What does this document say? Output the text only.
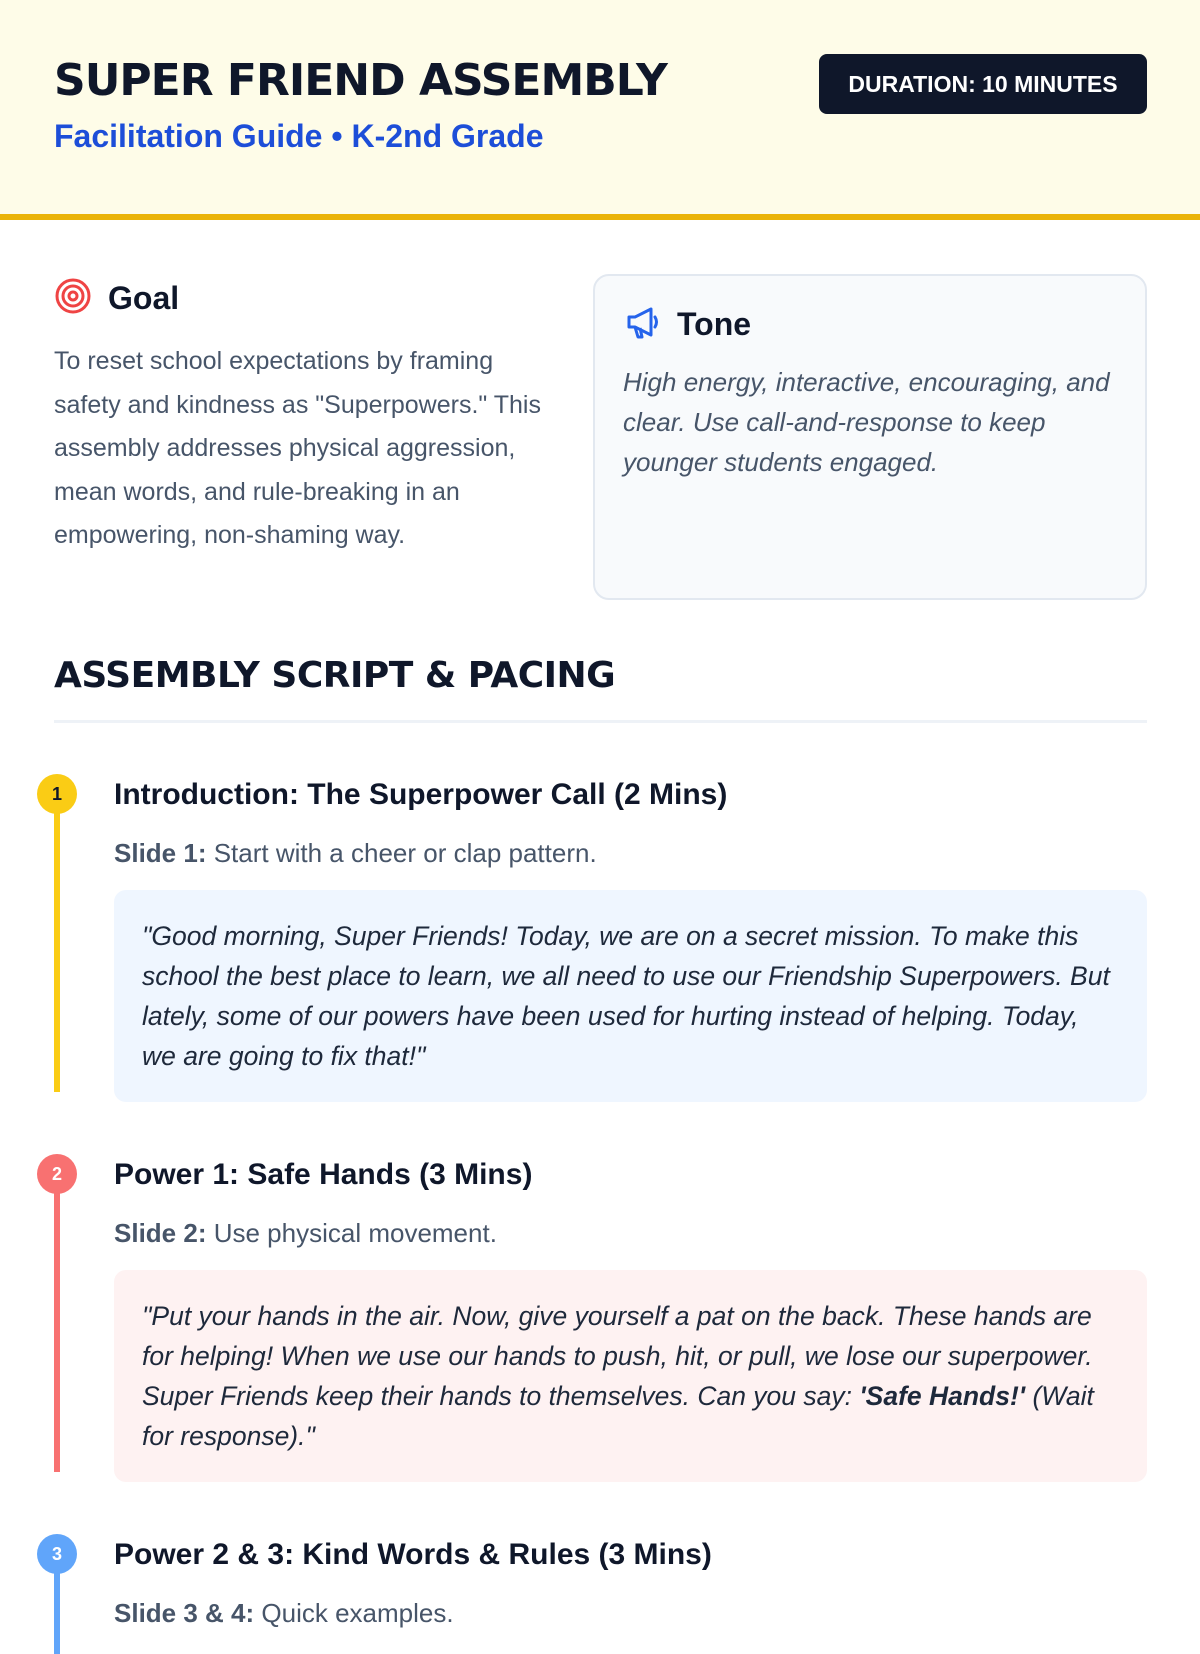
SUPER FRIEND ASSEMBLY
Facilitation Guide • K-2nd Grade
DURATION: 10 MINUTES
Goal

To reset school expectations by framing safety and kindness as "Superpowers." This assembly addresses physical aggression, mean words, and rule-breaking in an empowering, non-shaming way.

Tone

High energy, interactive, encouraging, and clear. Use call-and-response to keep younger students engaged.

ASSEMBLY SCRIPT & PACING
1	Introduction: The Superpower Call (2 Mins)
Slide 1: Start with a cheer or clap pattern.
"Good morning, Super Friends! Today, we are on a secret mission. To make this school the best place to learn, we all need to use our Friendship Superpowers. But lately, some of our powers have been used for hurting instead of helping. Today, we are going to fix that!"
2	Power 1: Safe Hands (3 Mins)
Slide 2: Use physical movement.
"Put your hands in the air. Now, give yourself a pat on the back. These hands are for helping! When we use our hands to push, hit, or pull, we lose our superpower. Super Friends keep their hands to themselves. Can you say: 'Safe Hands!' (Wait for response)."
3	Power 2 & 3: Kind Words & Rules (3 Mins)
Slide 3 & 4: Quick examples.
